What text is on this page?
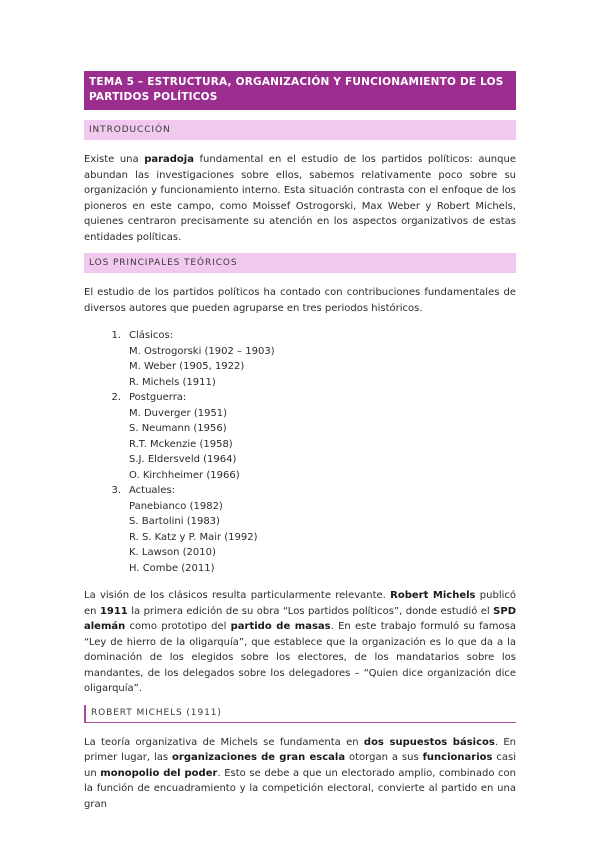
TEMA 5 – ESTRUCTURA, ORGANIZACIÓN Y FUNCIONAMIENTO DE LOS PARTIDOS POLÍTICOS
INTRODUCCIÓN

Existe una paradoja fundamental en el estudio de los partidos políticos: aunque abundan las investigaciones sobre ellos, sabemos relativamente poco sobre su organización y funcionamiento interno. Esta situación contrasta con el enfoque de los pioneros en este campo, como Moissef Ostrogorski, Max Weber y Robert Michels, quienes centraron precisamente su atención en los aspectos organizativos de estas entidades políticas.

LOS PRINCIPALES TEÓRICOS

El estudio de los partidos políticos ha contado con contribuciones fundamentales de diversos autores que pueden agruparse en tres periodos históricos.

1. Clásicos:
M. Ostrogorski (1902 – 1903)
M. Weber (1905, 1922)
R. Michels (1911)
2. Postguerra:
M. Duverger (1951)
S. Neumann (1956)
R.T. Mckenzie (1958)
S.J. Eldersveld (1964)
O. Kirchheimer (1966)
3. Actuales:
Panebianco (1982)
S. Bartolini (1983)
R. S. Katz y P. Mair (1992)
K. Lawson (2010)
H. Combe (2011)

La visión de los clásicos resulta particularmente relevante. Robert Michels publicó en 1911 la primera edición de su obra “Los partidos políticos”, donde estudió el SPD alemán como prototipo del partido de masas. En este trabajo formuló su famosa “Ley de hierro de la oligarquía”, que establece que la organización es lo que da a la dominación de los elegidos sobre los electores, de los mandatarios sobre los mandantes, de los delegados sobre los delegadores – “Quien dice organización dice oligarquía”.

ROBERT MICHELS (1911)

La teoría organizativa de Michels se fundamenta en dos supuestos básicos. En primer lugar, las organizaciones de gran escala otorgan a sus funcionarios casi un monopolio del poder. Esto se debe a que un electorado amplio, combinado con la función de encuadramiento y la competición electoral, convierte al partido en una gran
